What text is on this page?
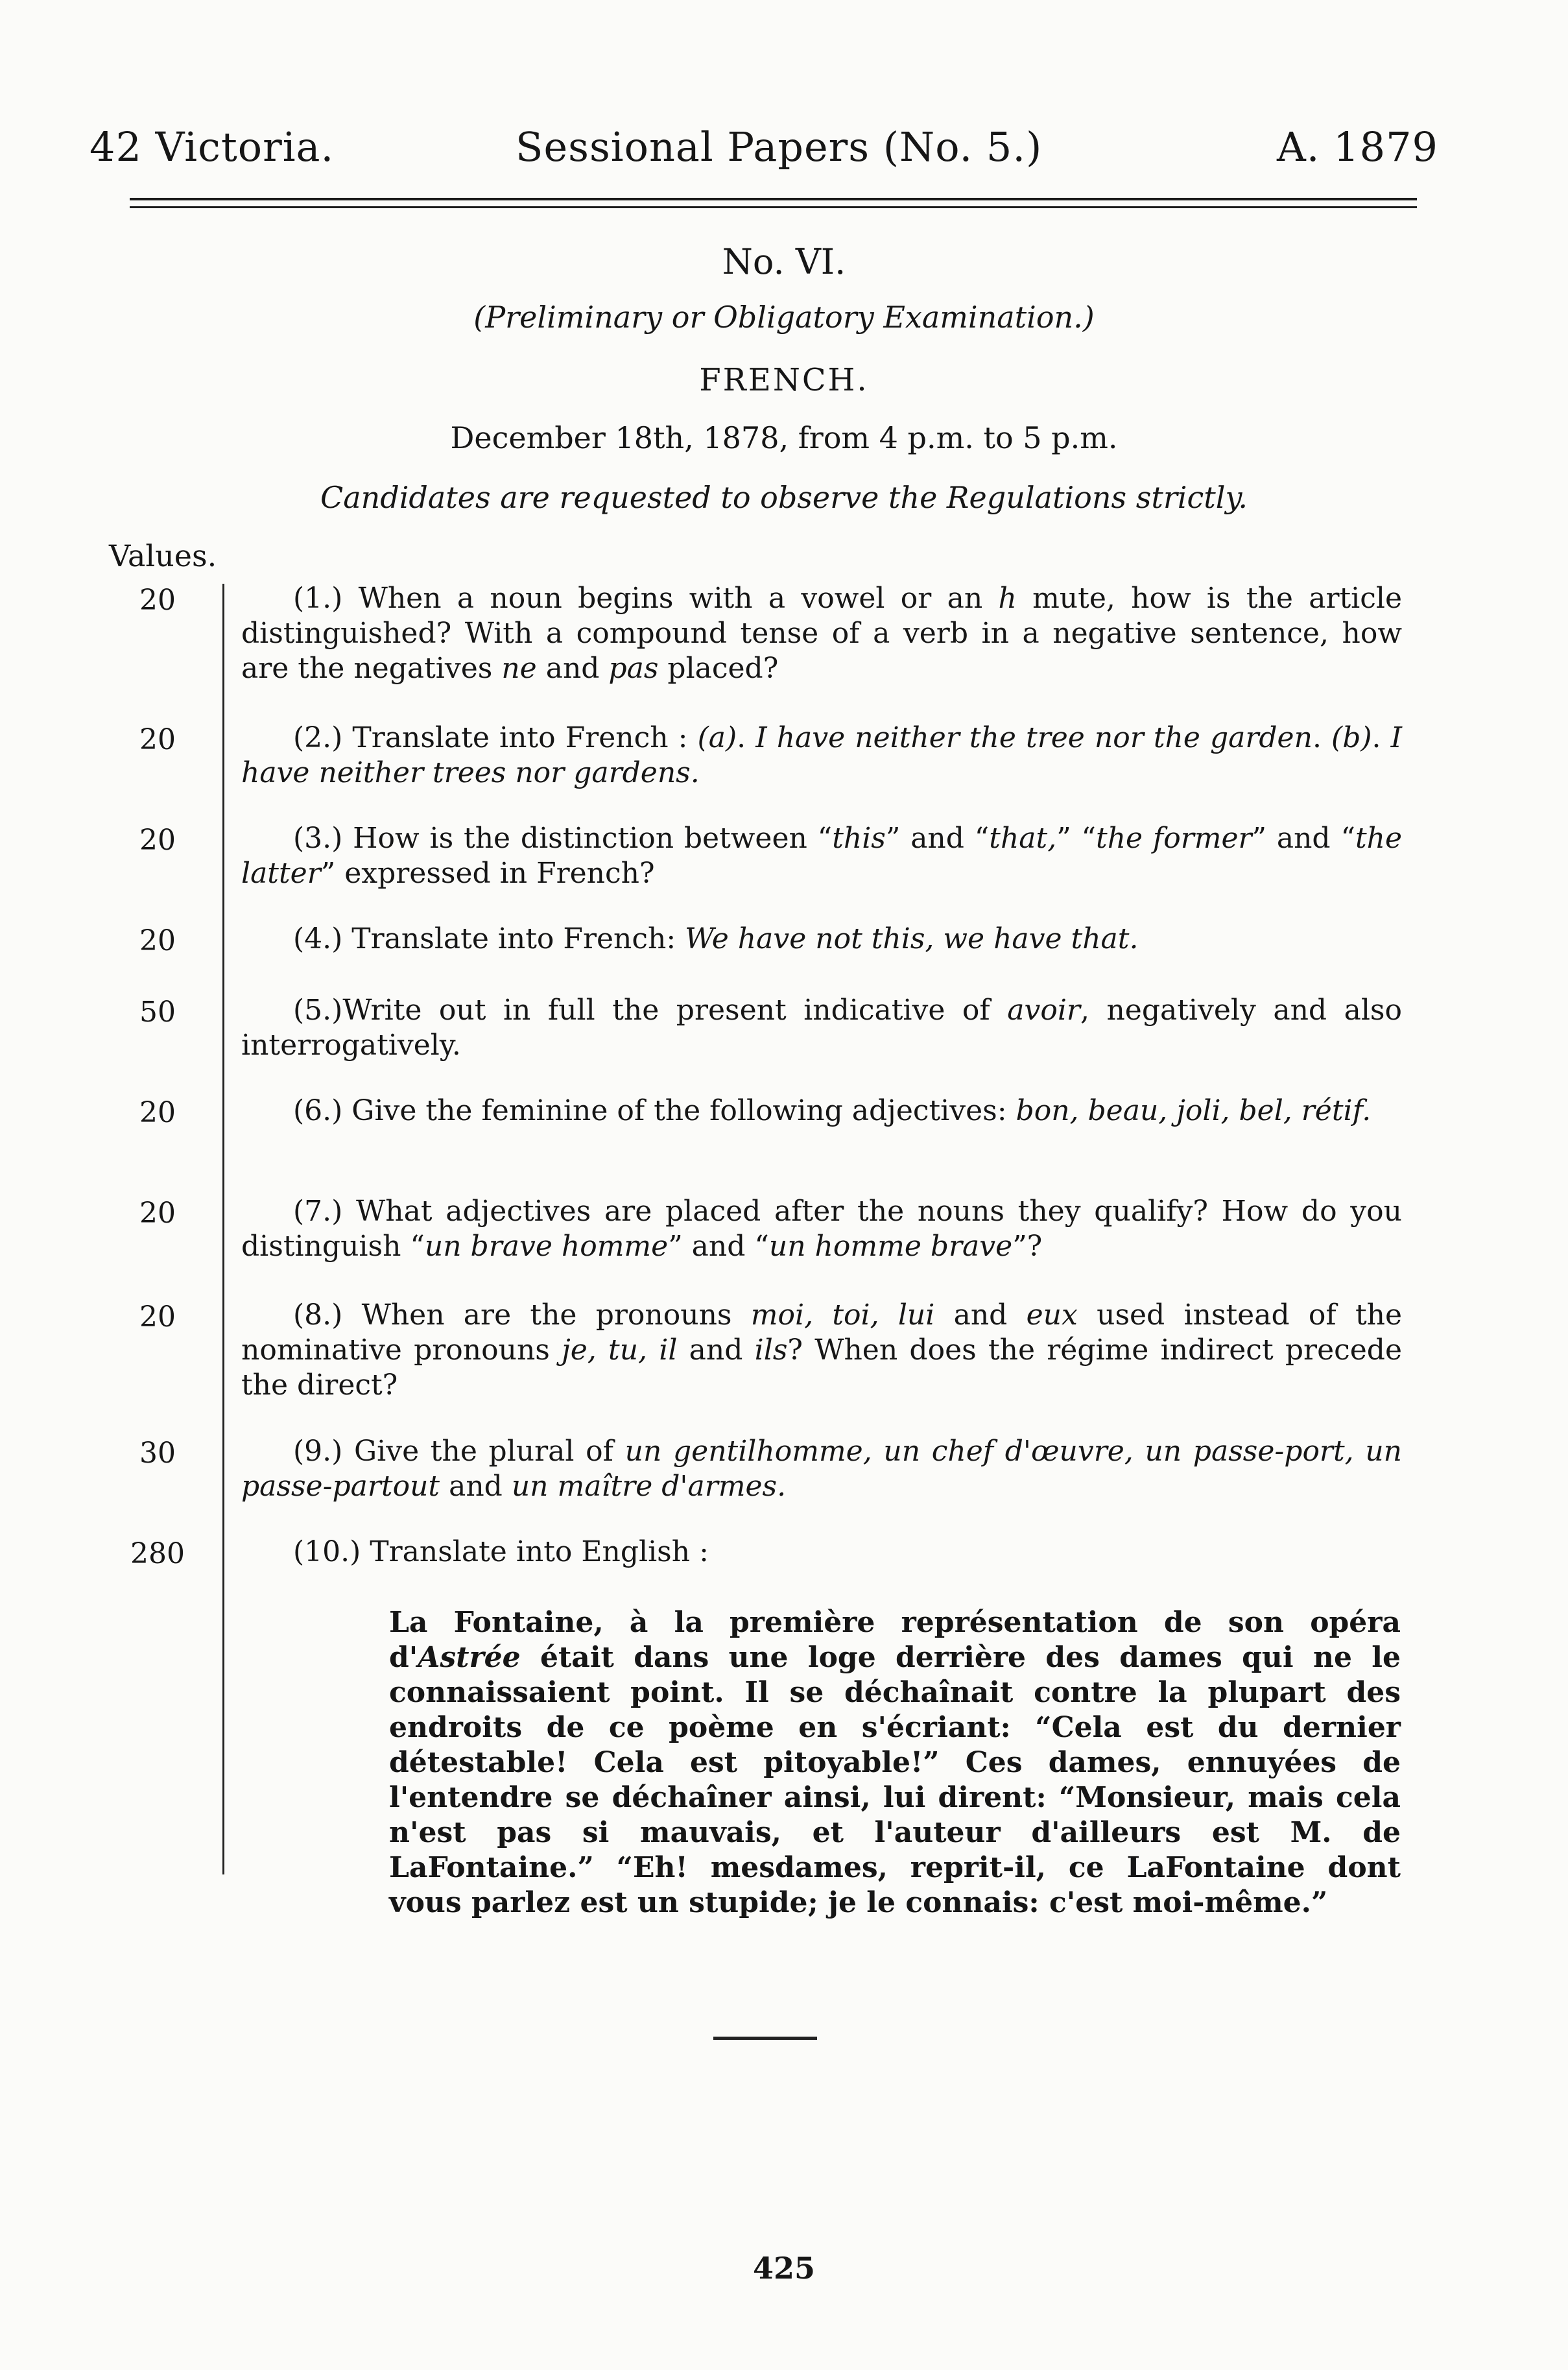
42 Victoria.	Sessional Papers (No. 5.)	A. 1879
No. VI.
(Preliminary or Obligatory Examination.)
FRENCH.
December 18th, 1878, from 4 p.m. to 5 p.m.
Candidates are requested to observe the Regulations strictly.
Values.
20
20
20
20
50
20
20
20
30
280
(1.) When a noun begins with a vowel or an h mute, how is the article distinguished? With a compound tense of a verb in a negative sentence, how are the negatives ne and pas placed?
(2.) Translate into French : (a). I have neither the tree nor the garden. (b). I have neither trees nor gardens.
(3.) How is the distinction between “this” and “that,” “the former” and “the latter” expressed in French?
(4.) Translate into French: We have not this, we have that.
(5.)Write out in full the present indicative of avoir, negatively and also interrogatively.
(6.) Give the feminine of the following adjectives: bon, beau, joli, bel, rétif.
(7.) What adjectives are placed after the nouns they qualify? How do you distinguish “un brave homme” and “un homme brave”?
(8.) When are the pronouns moi, toi, lui and eux used instead of the nominative pronouns je, tu, il and ils? When does the régime indirect precede the direct?
(9.) Give the plural of un gentilhomme, un chef d'œuvre, un passe-port, un passe-partout and un maître d'armes.
(10.) Translate into English :
La Fontaine, à la première représentation de son opéra d'Astrée était dans une loge derrière des dames qui ne le connaissaient point. Il se déchaînait contre la plupart des endroits de ce poème en s'écriant: “Cela est du dernier détestable! Cela est pitoyable!” Ces dames, ennuyées de l'entendre se déchaîner ainsi, lui dirent: “Monsieur, mais cela n'est pas si mauvais, et l'auteur d'ailleurs est M. de LaFontaine.” “Eh! mesdames, reprit-il, ce LaFontaine dont vous parlez est un stupide; je le connais: c'est moi-même.”
425
